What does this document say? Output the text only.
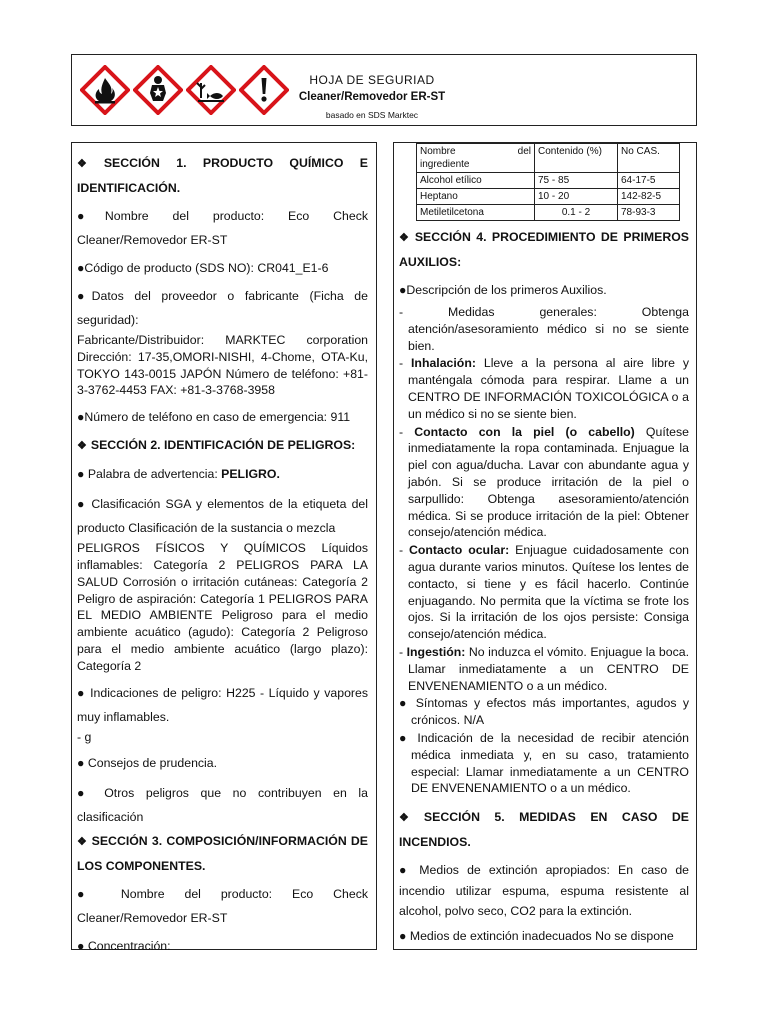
HOJA DE SEGURIAD
Cleaner/Removedor ER-ST
basado en SDS Marktec
❖ SECCIÓN 1. PRODUCTO QUÍMICO E IDENTIFICACIÓN.
●Nombre del producto: Eco Check Cleaner/Removedor ER-ST
●Código de producto (SDS NO): CR041_E1-6
●Datos del proveedor o fabricante (Ficha de seguridad):
Fabricante/Distribuidor: MARKTEC corporation Dirección: 17-35,OMORI-NISHI, 4-Chome, OTA-Ku, TOKYO 143-0015 JAPÓN Número de teléfono: +81-3-3762-4453 FAX: +81-3-3768-3958
●Número de teléfono en caso de emergencia: 911
❖ SECCIÓN 2. IDENTIFICACIÓN DE PELIGROS:
● Palabra de advertencia: PELIGRO.
● Clasificación SGA y elementos de la etiqueta del producto Clasificación de la sustancia o mezcla
PELIGROS FÍSICOS Y QUÍMICOS Líquidos inflamables: Categoría 2 PELIGROS PARA LA SALUD Corrosión o irritación cutáneas: Categoría 2 Peligro de aspiración: Categoría 1 PELIGROS PARA EL MEDIO AMBIENTE Peligroso para el medio ambiente acuático (agudo): Categoría 2 Peligroso para el medio ambiente acuático (largo plazo): Categoría 2
● Indicaciones de peligro: H225 - Líquido y vapores muy inflamables.
- g
● Consejos de prudencia.
● Otros peligros que no contribuyen en la clasificación
❖ SECCIÓN 3. COMPOSICIÓN/INFORMACIÓN DE LOS COMPONENTES.
● Nombre del producto: Eco Check Cleaner/Removedor ER-ST
● Concentración:
Nombre del
ingrediente	Contenido (%)	No CAS.
Alcohol etílico	75 - 85	64-17-5
Heptano	10 - 20	142-82-5
Metiletilcetona	0.1 - 2	78-93-3
❖ SECCIÓN 4. PROCEDIMIENTO DE PRIMEROS AUXILIOS:
●Descripción de los primeros Auxilios.
- Medidas generales: Obtenga atención/asesoramiento médico si no se siente bien.
- Inhalación: Lleve a la persona al aire libre y manténgala cómoda para respirar. Llame a un CENTRO DE INFORMACIÓN TOXICOLÓGICA o a un médico si no se siente bien.
- Contacto con la piel (o cabello) Quítese inmediatamente la ropa contaminada. Enjuague la piel con agua/ducha. Lavar con abundante agua y jabón. Si se produce irritación de la piel o sarpullido: Obtenga asesoramiento/atención médica. Si se produce irritación de la piel: Obtener consejo/atención médica.
- Contacto ocular: Enjuague cuidadosamente con agua durante varios minutos. Quítese los lentes de contacto, si tiene y es fácil hacerlo. Continúe enjuagando. No permita que la víctima se frote los ojos. Si la irritación de los ojos persiste: Consiga consejo/atención médica.
- Ingestión: No induzca el vómito. Enjuague la boca. Llamar inmediatamente a un CENTRO DE ENVENENAMIENTO o a un médico.
● Síntomas y efectos más importantes, agudos y crónicos. N/A
● Indicación de la necesidad de recibir atención médica inmediata y, en su caso, tratamiento especial: Llamar inmediatamente a un CENTRO DE ENVENENAMIENTO o a un médico.
❖ SECCIÓN 5. MEDIDAS EN CASO DE INCENDIOS.
● Medios de extinción apropiados: En caso de incendio utilizar espuma, espuma resistente al alcohol, polvo seco, CO2 para la extinción.
● Medios de extinción inadecuados No se dispone
